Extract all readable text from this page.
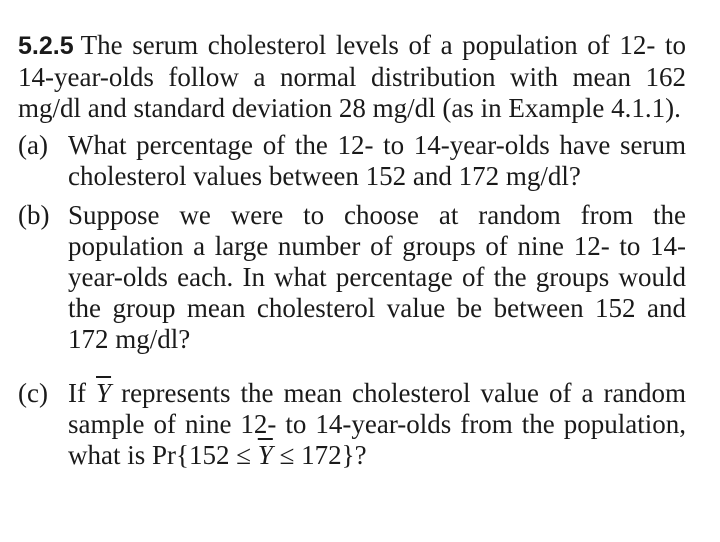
5.2.5 The serum cholesterol levels of a population of 12- to 14-year-olds follow a normal distribution with mean 162 mg/dl and standard deviation 28 mg/dl (as in Example 4.1.1).

(a) What percentage of the 12- to 14-year-olds have serum cholesterol values between 152 and 172 mg/dl?
(b) Suppose we were to choose at random from the population a large number of groups of nine 12- to 14-year-olds each. In what percentage of the groups would the group mean cholesterol value be between 152 and 172 mg/dl?
(c) If $\overline{Y}$ represents the mean cholesterol value of a random sample of nine 12- to 14-year-olds from the population, what is $Pr\{152 \le \overline{Y} \le 172\}$?
